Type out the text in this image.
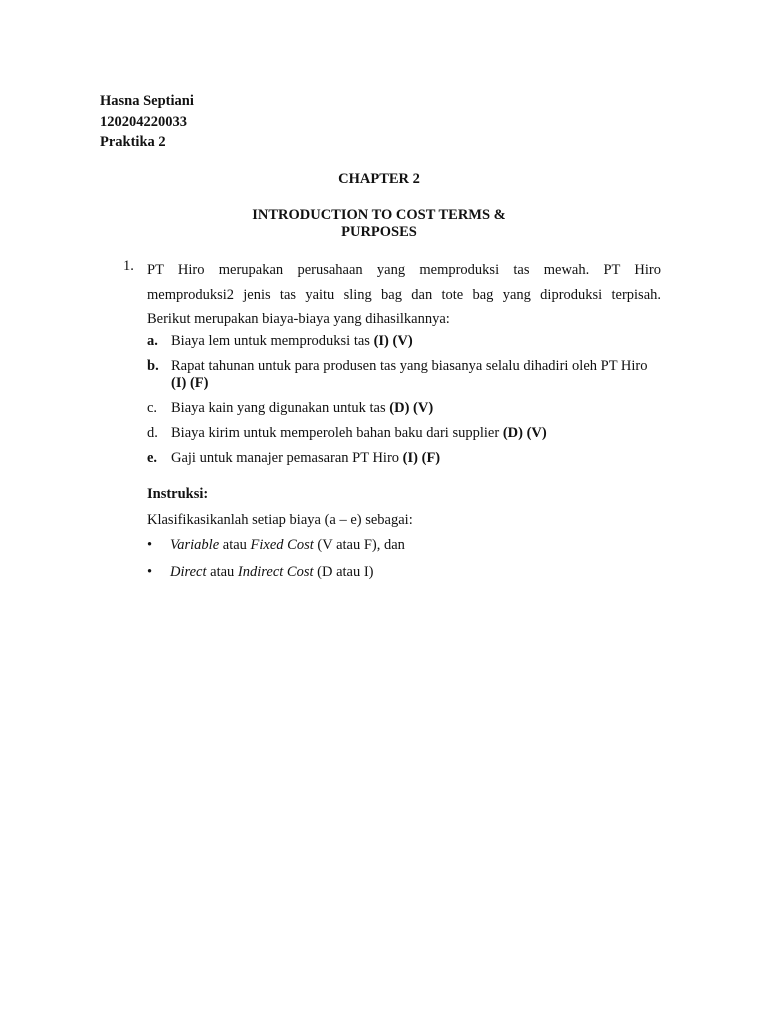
Hasna Septiani
120204220033
Praktika 2
CHAPTER 2
INTRODUCTION TO COST TERMS &
PURPOSES
1. PT Hiro merupakan perusahaan yang memproduksi tas mewah. PT Hiro
memproduksi2 jenis tas yaitu sling bag dan tote bag yang diproduksi terpisah.
Berikut merupakan biaya-biaya yang dihasilkannya:
a. Biaya lem untuk memproduksi tas (I) (V)
b. Rapat tahunan untuk para produsen tas yang biasanya selalu dihadiri oleh PT Hiro
(I) (F)
c. Biaya kain yang digunakan untuk tas (D) (V)
d. Biaya kirim untuk memperoleh bahan baku dari supplier (D) (V)
e. Gaji untuk manajer pemasaran PT Hiro (I) (F)
Instruksi:
Klasifikasikanlah setiap biaya (a – e) sebagai:
• Variable atau Fixed Cost (V atau F), dan
• Direct atau Indirect Cost (D atau I)
